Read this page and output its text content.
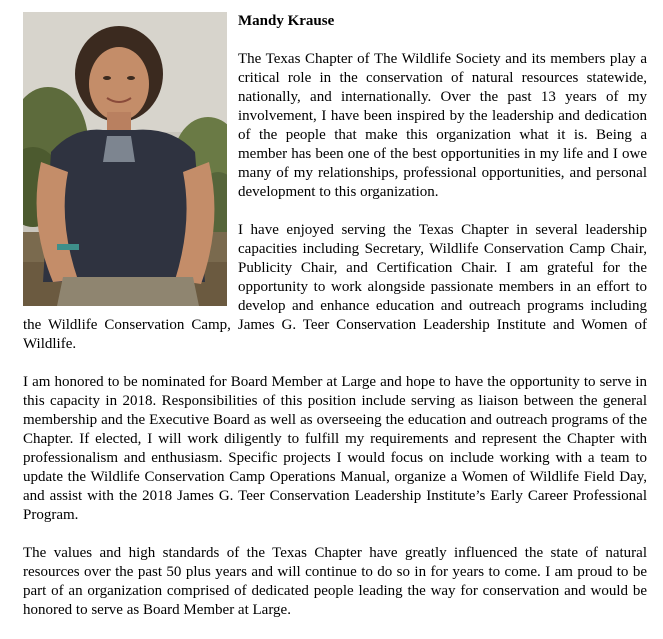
Mandy Krause

The Texas Chapter of The Wildlife Society and its members play a critical role in the conservation of natural resources statewide, nationally, and internationally. Over the past 13 years of my involvement, I have been inspired by the leadership and dedication of the people that make this organization what it is. Being a member has been one of the best opportunities in my life and I owe many of my relationships, professional opportunities, and personal development to this organization.

I have enjoyed serving the Texas Chapter in several leadership capacities including Secretary, Wildlife Conservation Camp Chair, Publicity Chair, and Certification Chair. I am grateful for the opportunity to work alongside passionate members in an effort to develop and enhance education and outreach programs including the Wildlife Conservation Camp, James G. Teer Conservation Leadership Institute and Women of Wildlife.

I am honored to be nominated for Board Member at Large and hope to have the opportunity to serve in this capacity in 2018. Responsibilities of this position include serving as liaison between the general membership and the Executive Board as well as overseeing the education and outreach programs of the Chapter. If elected, I will work diligently to fulfill my requirements and represent the Chapter with professionalism and enthusiasm. Specific projects I would focus on include working with a team to update the Wildlife Conservation Camp Operations Manual, organize a Women of Wildlife Field Day, and assist with the 2018 James G. Teer Conservation Leadership Institute’s Early Career Professional Program.

The values and high standards of the Texas Chapter have greatly influenced the state of natural resources over the past 50 plus years and will continue to do so in for years to come. I am proud to be part of an organization comprised of dedicated people leading the way for conservation and would be honored to serve as Board Member at Large.
